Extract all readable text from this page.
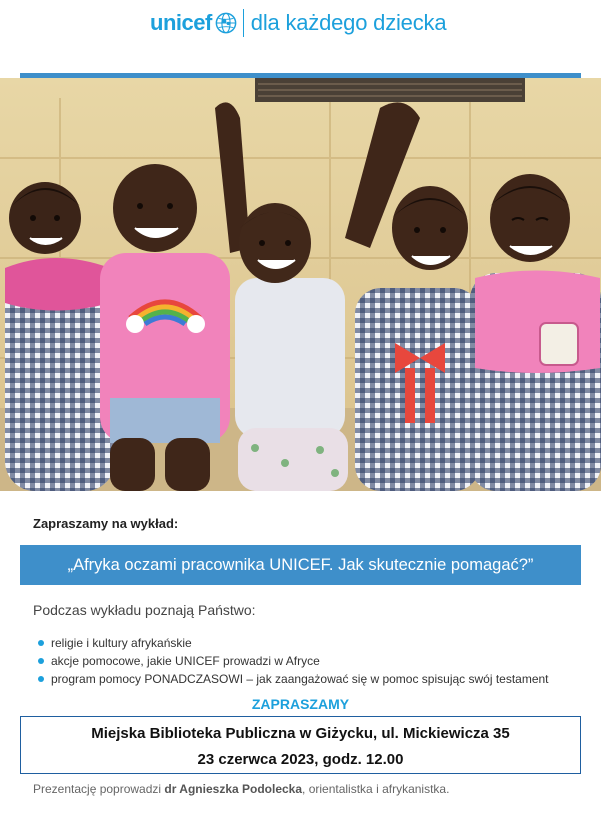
unicef dla każdego dziecka
Zapraszamy na wykład:
„Afryka oczami pracownika UNICEF. Jak skutecznie pomagać?”
Podczas wykładu poznają Państwo:
religie i kultury afrykańskie
akcje pomocowe, jakie UNICEF prowadzi w Afryce
program pomocy PONADCZASOWI – jak zaangażować się w pomoc spisując swój testament
ZAPRASZAMY
Miejska Biblioteka Publiczna w Giżycku, ul. Mickiewicza 35
23 czerwca 2023, godz. 12.00
Prezentację poprowadzi dr Agnieszka Podolecka, orientalistka i afrykanistka.
